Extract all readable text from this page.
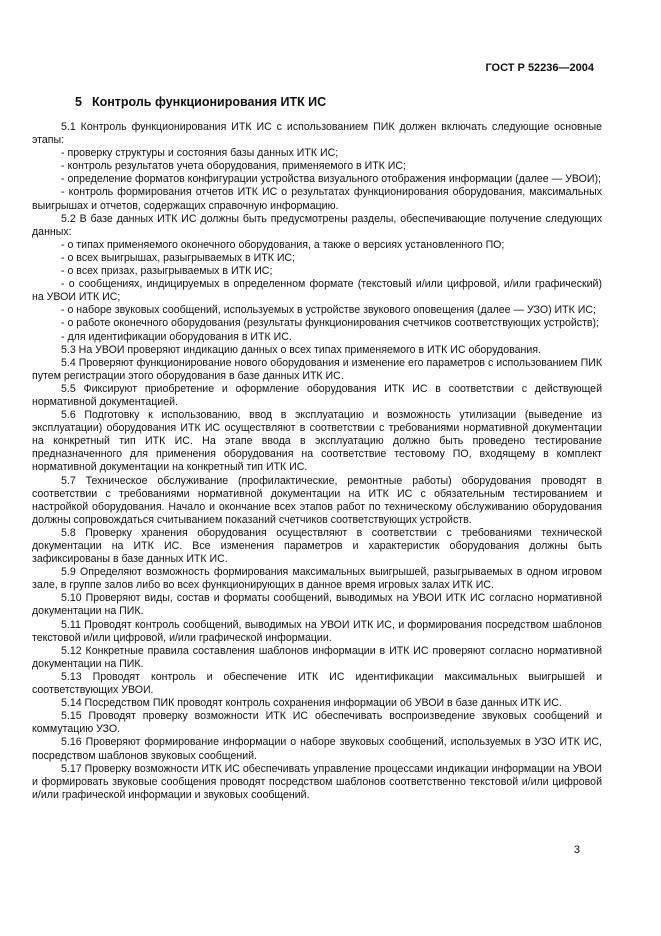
ГОСТ Р 52236—2004
5 Контроль функционирования ИТК ИС

5.1 Контроль функционирования ИТК ИС с использованием ПИК должен включать следующие основные этапы:

- проверку структуры и состояния базы данных ИТК ИС;

- контроль результатов учета оборудования, применяемого в ИТК ИС;

- определение форматов конфигурации устройства визуального отображения информации (далее — УВОИ);

- контроль формирования отчетов ИТК ИС о результатах функционирования оборудования, максимальных выигрышах и отчетов, содержащих справочную информацию.

5.2 В базе данных ИТК ИС должны быть предусмотрены разделы, обеспечивающие получение следующих данных:

- о типах применяемого оконечного оборудования, а также о версиях установленного ПО;

- о всех выигрышах, разыгрываемых в ИТК ИС;

- о всех призах, разыгрываемых в ИТК ИС;

- о сообщениях, индицируемых в определенном формате (текстовый и/или цифровой, и/или графический) на УВОИ ИТК ИС;

- о наборе звуковых сообщений, используемых в устройстве звукового оповещения (далее — УЗО) ИТК ИС;

- о работе оконечного оборудования (результаты функционирования счетчиков соответствующих устройств);

- для идентификации оборудования в ИТК ИС.

5.3 На УВОИ проверяют индикацию данных о всех типах применяемого в ИТК ИС оборудования.

5.4 Проверяют функционирование нового оборудования и изменение его параметров с использованием ПИК путем регистрации этого оборудования в базе данных ИТК ИС.

5.5 Фиксируют приобретение и оформление оборудования ИТК ИС в соответствии с действующей нормативной документацией.

5.6 Подготовку к использованию, ввод в эксплуатацию и возможность утилизации (выведение из эксплуатации) оборудования ИТК ИС осуществляют в соответствии с требованиями нормативной документации на конкретный тип ИТК ИС. На этапе ввода в эксплуатацию должно быть проведено тестирование предназначенного для применения оборудования на соответствие тестовому ПО, входящему в комплект нормативной документации на конкретный тип ИТК ИС.

5.7 Техническое обслуживание (профилактические, ремонтные работы) оборудования проводят в соответствии с требованиями нормативной документации на ИТК ИС с обязательным тестированием и настройкой оборудования. Начало и окончание всех этапов работ по техническому обслуживанию оборудования должны сопровождаться считыванием показаний счетчиков соответствующих устройств.

5.8 Проверку хранения оборудования осуществляют в соответствии с требованиями технической документации на ИТК ИС. Все изменения параметров и характеристик оборудования должны быть зафиксированы в базе данных ИТК ИС.

5.9 Определяют возможность формирования максимальных выигрышей, разыгрываемых в одном игровом зале, в группе залов либо во всех функционирующих в данное время игровых залах ИТК ИС.

5.10 Проверяют виды, состав и форматы сообщений, выводимых на УВОИ ИТК ИС согласно нормативной документации на ПИК.

5.11 Проводят контроль сообщений, выводимых на УВОИ ИТК ИС, и формирования посредством шаблонов текстовой и/или цифровой, и/или графической информации.

5.12 Конкретные правила составления шаблонов информации в ИТК ИС проверяют согласно нормативной документации на ПИК.

5.13 Проводят контроль и обеспечение ИТК ИС идентификации максимальных выигрышей и соответствующих УВОИ.

5.14 Посредством ПИК проводят контроль сохранения информации об УВОИ в базе данных ИТК ИС.

5.15 Проводят проверку возможности ИТК ИС обеспечивать воспроизведение звуковых сообщений и коммутацию УЗО.

5.16 Проверяют формирование информации о наборе звуковых сообщений, используемых в УЗО ИТК ИС, посредством шаблонов звуковых сообщений.

5.17 Проверку возможности ИТК ИС обеспечивать управление процессами индикации информации на УВОИ и формировать звуковые сообщения проводят посредством шаблонов соответственно текстовой и/или цифровой и/или графической информации и звуковых сообщений.

3
